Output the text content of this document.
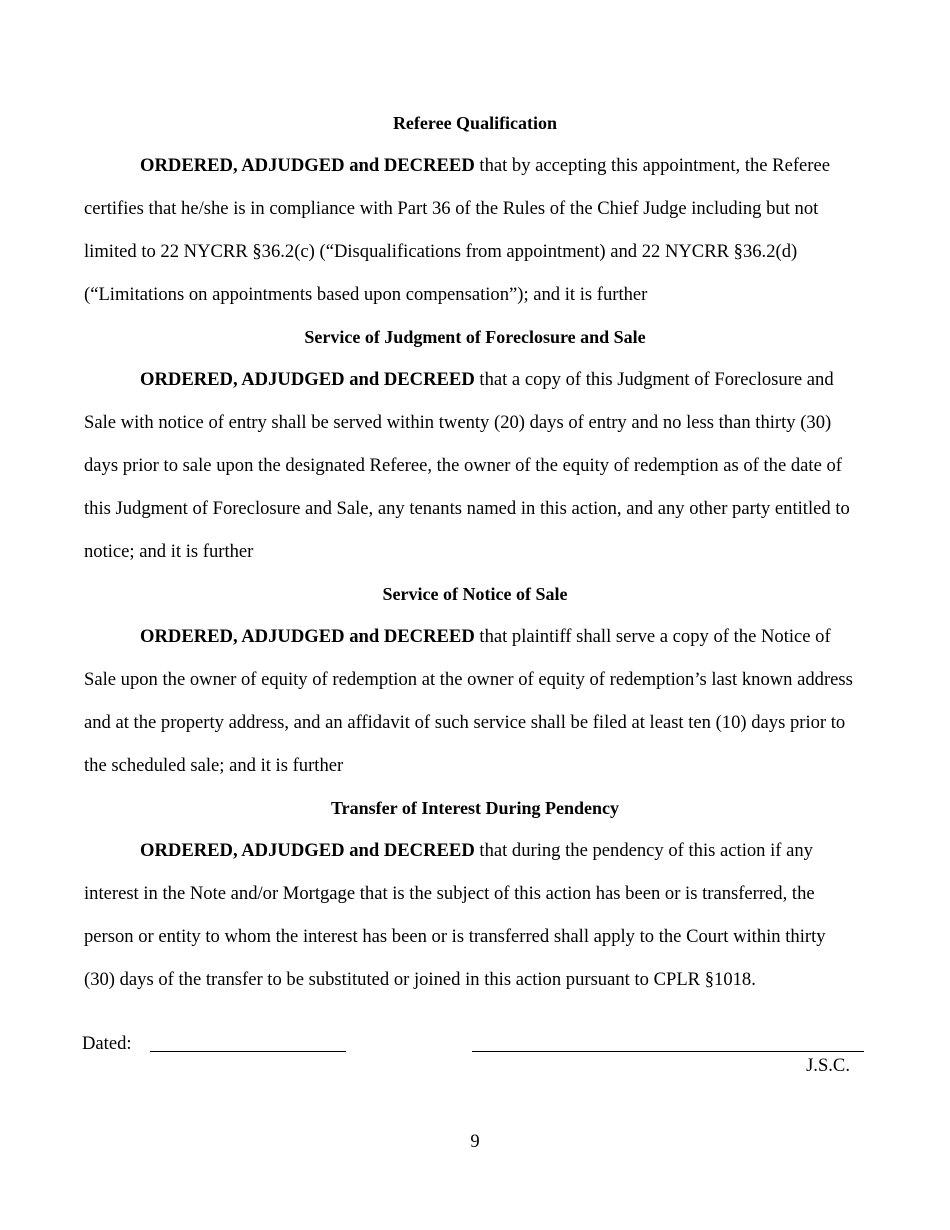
Referee Qualification

ORDERED, ADJUDGED and DECREED that by accepting this appointment, the Referee certifies that he/she is in compliance with Part 36 of the Rules of the Chief Judge including but not limited to 22 NYCRR §36.2(c) (“Disqualifications from appointment) and 22 NYCRR §36.2(d) (“Limitations on appointments based upon compensation”); and it is further

Service of Judgment of Foreclosure and Sale

ORDERED, ADJUDGED and DECREED that a copy of this Judgment of Foreclosure and Sale with notice of entry shall be served within twenty (20) days of entry and no less than thirty (30) days prior to sale upon the designated Referee, the owner of the equity of redemption as of the date of this Judgment of Foreclosure and Sale, any tenants named in this action, and any other party entitled to notice; and it is further

Service of Notice of Sale

ORDERED, ADJUDGED and DECREED that plaintiff shall serve a copy of the Notice of Sale upon the owner of equity of redemption at the owner of equity of redemption’s last known address and at the property address, and an affidavit of such service shall be filed at least ten (10) days prior to the scheduled sale; and it is further

Transfer of Interest During Pendency

ORDERED, ADJUDGED and DECREED that during the pendency of this action if any interest in the Note and/or Mortgage that is the subject of this action has been or is transferred, the person or entity to whom the interest has been or is transferred shall apply to the Court within thirty (30) days of the transfer to be substituted or joined in this action pursuant to CPLR §1018.

Dated:
J.S.C.
9
